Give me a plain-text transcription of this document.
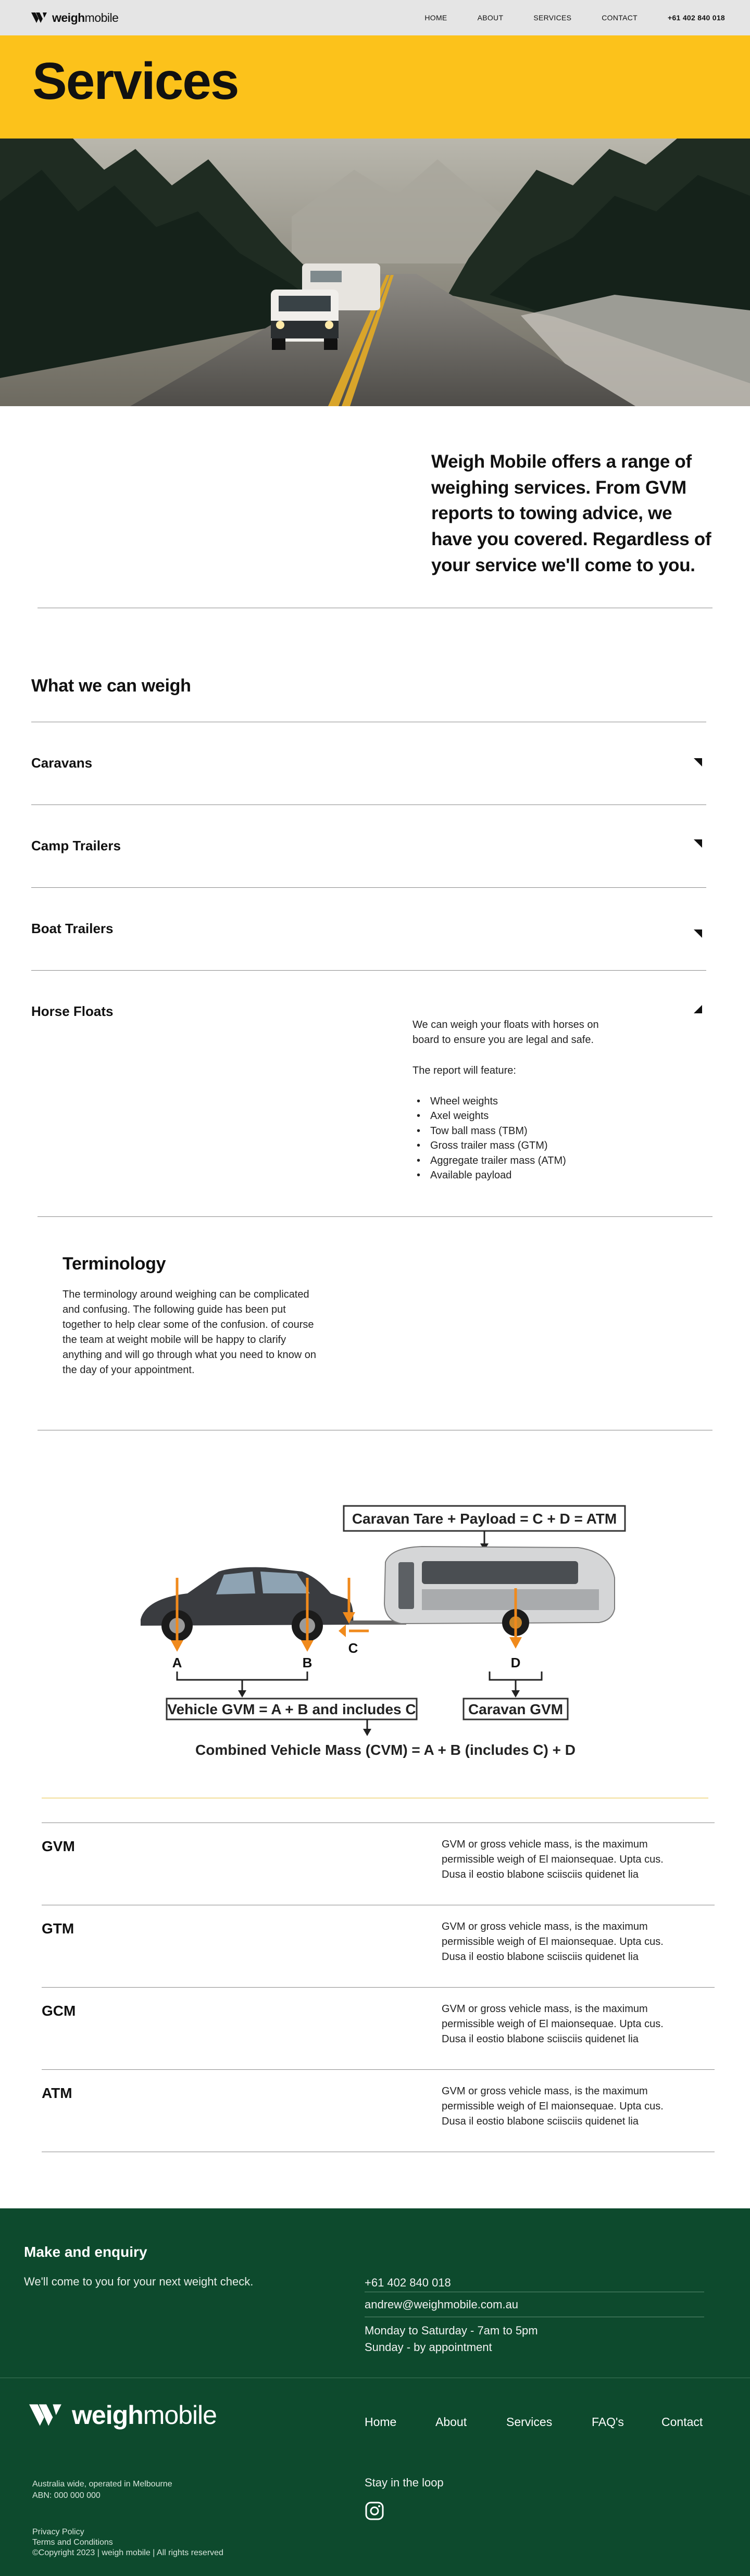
weighmobile	HOME	ABOUT	SERVICES	CONTACT	+61 402 840 018
Services

Weigh Mobile offers a range of weighing services. From GVM reports to towing advice, we have you covered. Regardless of your service we'll come to you.

What we can weigh
Caravans
Camp Trailers
Boat Trailers
Horse Floats

We can weigh your floats with horses on board to ensure you are legal and safe.

The report will feature:

• Wheel weights
• Axel weights
• Tow ball mass (TBM)
• Gross trailer mass (GTM)
• Aggregate trailer mass (ATM)
• Available payload
Terminology

The terminology around weighing can be complicated and confusing. The following guide has been put together to help clear some of the confusion. of course the team at weight mobile will be happy to clarify anything and will go through what you need to know on the day of your appointment.

Caravan Tare + Payload = C + D = ATM
A	B
C
D
Vehicle GVM = A + B and includes C	Caravan GVM
Combined Vehicle Mass (CVM) = A + B (includes C) + D
GVM	GVM or gross vehicle mass, is the maximum permissible weigh of El maionsequae. Upta cus. Dusa il eostio blabone sciisciis quidenet lia

GTM	GVM or gross vehicle mass, is the maximum permissible weigh of El maionsequae. Upta cus. Dusa il eostio blabone sciisciis quidenet lia

GCM	GVM or gross vehicle mass, is the maximum permissible weigh of El maionsequae. Upta cus. Dusa il eostio blabone sciisciis quidenet lia

ATM	GVM or gross vehicle mass, is the maximum permissible weigh of El maionsequae. Upta cus. Dusa il eostio blabone sciisciis quidenet lia

Make and enquiry

We'll come to you for your next weight check.	+61 402 840 018
andrew@weighmobile.com.au

Monday to Saturday - 7am to 5pm

Sunday - by appointment

weighmobile	Home	About	Services	FAQ's	Contact

Australia wide, operated in Melbourne

ABN: 000 000 000

Stay in the loop

Privacy Policy
Terms and Conditions

©Copyright 2023 | weigh mobile | All rights reserved
